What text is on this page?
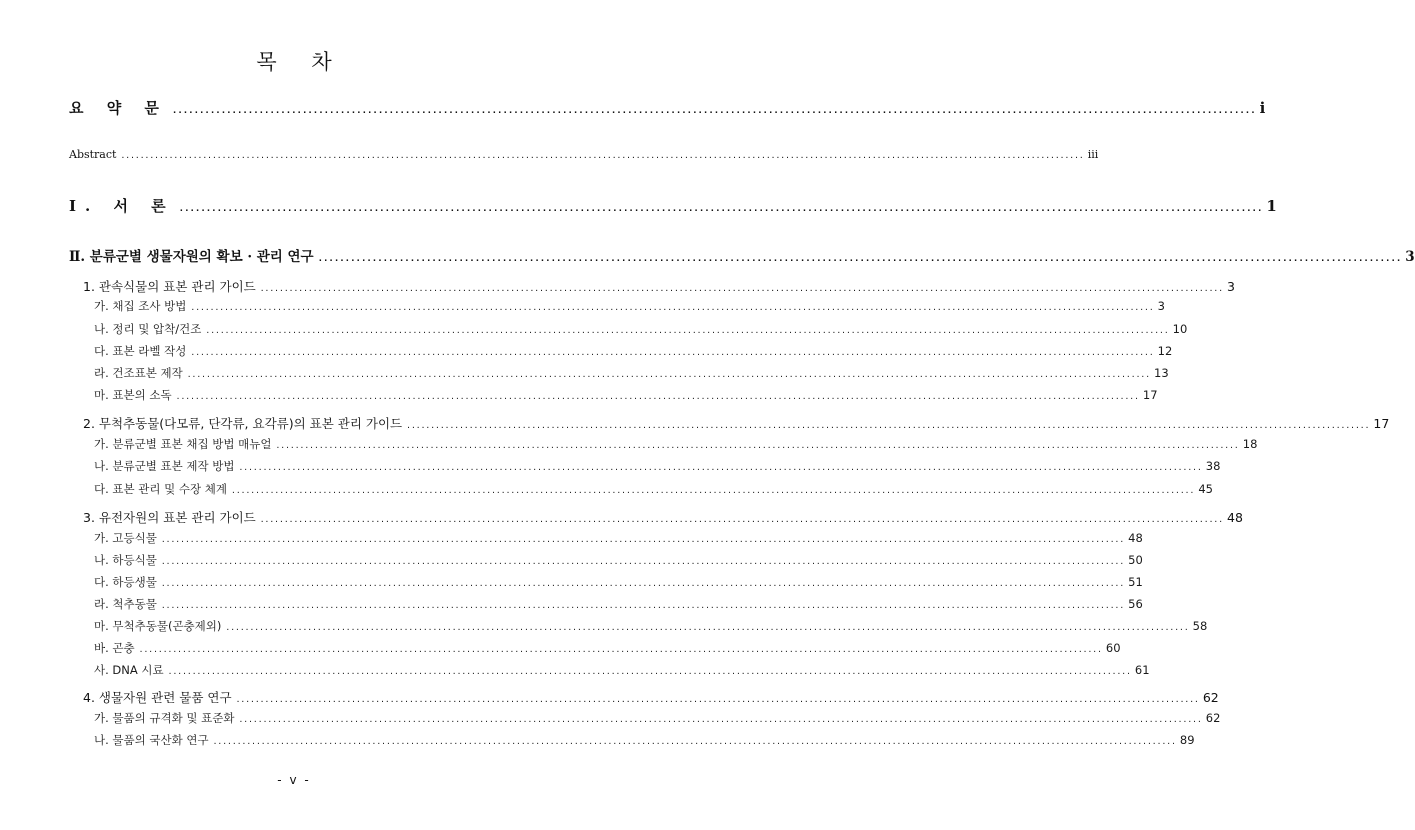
목 차
요 약 문 ........................................................................................................................................................................................................ i
Abstract ........................................................................................................................................................................................................ iii
Ⅰ. 서 론 ........................................................................................................................................................................................................ 1
Ⅱ. 분류군별 생물자원의 확보 · 관리 연구 ........................................................................................................................................................................................................ 3
1. 관속식물의 표본 관리 가이드 ........................................................................................................................................................................................................ 3
가. 채집 조사 방법 ........................................................................................................................................................................................................ 3
나. 정리 및 압착/건조 ........................................................................................................................................................................................................ 10
다. 표본 라벨 작성 ........................................................................................................................................................................................................ 12
라. 건조표본 제작 ........................................................................................................................................................................................................ 13
마. 표본의 소독 ........................................................................................................................................................................................................ 17
2. 무척추동물(다모류, 단각류, 요각류)의 표본 관리 가이드 ........................................................................................................................................................................................................ 17
가. 분류군별 표본 채집 방법 매뉴얼 ........................................................................................................................................................................................................ 18
나. 분류군별 표본 제작 방법 ........................................................................................................................................................................................................ 38
다. 표본 관리 및 수장 체계 ........................................................................................................................................................................................................ 45
3. 유전자원의 표본 관리 가이드 ........................................................................................................................................................................................................ 48
가. 고등식물 ........................................................................................................................................................................................................ 48
나. 하등식물 ........................................................................................................................................................................................................ 50
다. 하등생물 ........................................................................................................................................................................................................ 51
라. 척추동물 ........................................................................................................................................................................................................ 56
마. 무척추동물(곤충제외) ........................................................................................................................................................................................................ 58
바. 곤충 ........................................................................................................................................................................................................ 60
사. DNA 시료 ........................................................................................................................................................................................................ 61
4. 생물자원 관련 물품 연구 ........................................................................................................................................................................................................ 62
가. 물품의 규격화 및 표준화 ........................................................................................................................................................................................................ 62
나. 물품의 국산화 연구 ........................................................................................................................................................................................................ 89
- v -
